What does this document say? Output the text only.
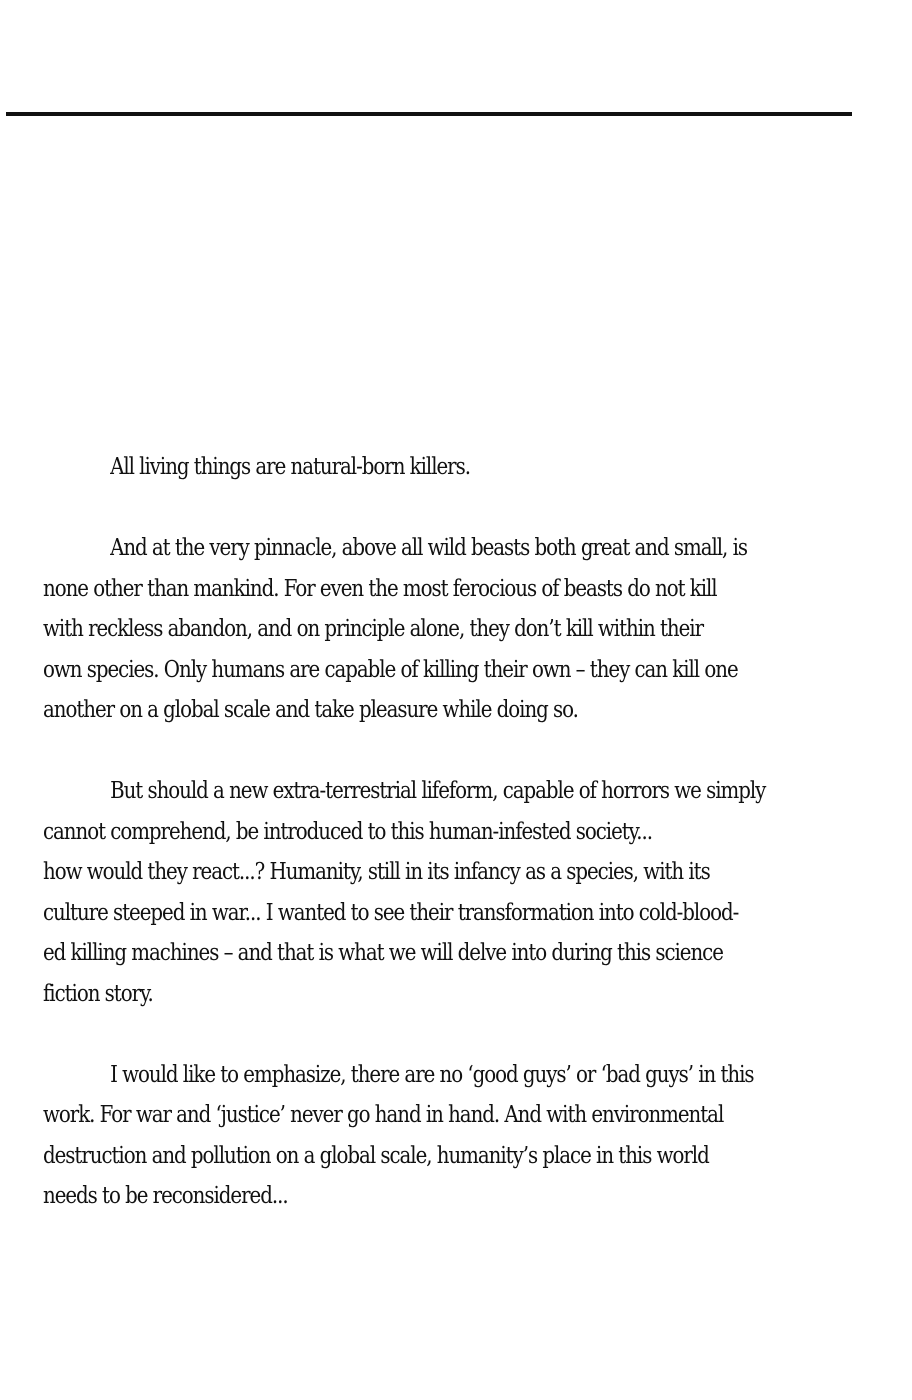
All living things are natural-born killers.

And at the very pinnacle, above all wild beasts both great and small, is
none other than mankind. For even the most ferocious of beasts do not kill
with reckless abandon, and on principle alone, they don’t kill within their
own species. Only humans are capable of killing their own – they can kill one
another on a global scale and take pleasure while doing so.

But should a new extra-terrestrial lifeform, capable of horrors we simply
cannot comprehend, be introduced to this human-infested society...
how would they react...? Humanity, still in its infancy as a species, with its
culture steeped in war... I wanted to see their transformation into cold-blood-
ed killing machines – and that is what we will delve into during this science
fiction story.

I would like to emphasize, there are no ‘good guys’ or ‘bad guys’ in this
work. For war and ‘justice’ never go hand in hand. And with environmental
destruction and pollution on a global scale, humanity’s place in this world
needs to be reconsidered...
